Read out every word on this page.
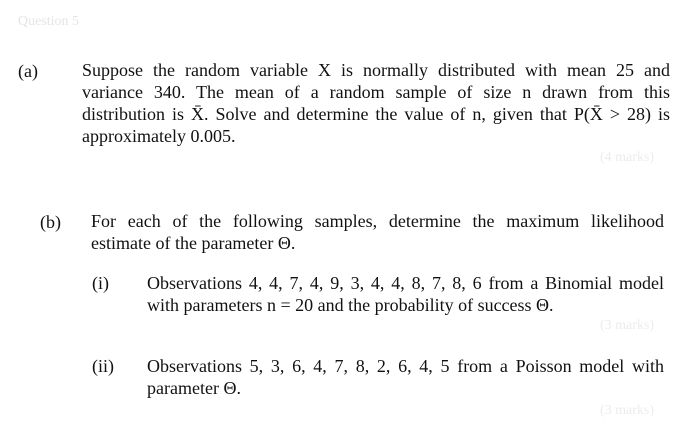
Question 5
(a) Suppose the random variable X is normally distributed with mean 25 and
variance 340. The mean of a random sample of size n drawn from this
distribution is X̄. Solve and determine the value of n, given that P(X̄ > 28) is
approximately 0.005.
(4 marks)
(b) For each of the following samples, determine the maximum likelihood
estimate of the parameter Θ.
(i) Observations 4, 4, 7, 4, 9, 3, 4, 4, 8, 7, 8, 6 from a Binomial model
with parameters n = 20 and the probability of success Θ.
(3 marks)
(ii) Observations 5, 3, 6, 4, 7, 8, 2, 6, 4, 5 from a Poisson model with
parameter Θ.
(3 marks)
